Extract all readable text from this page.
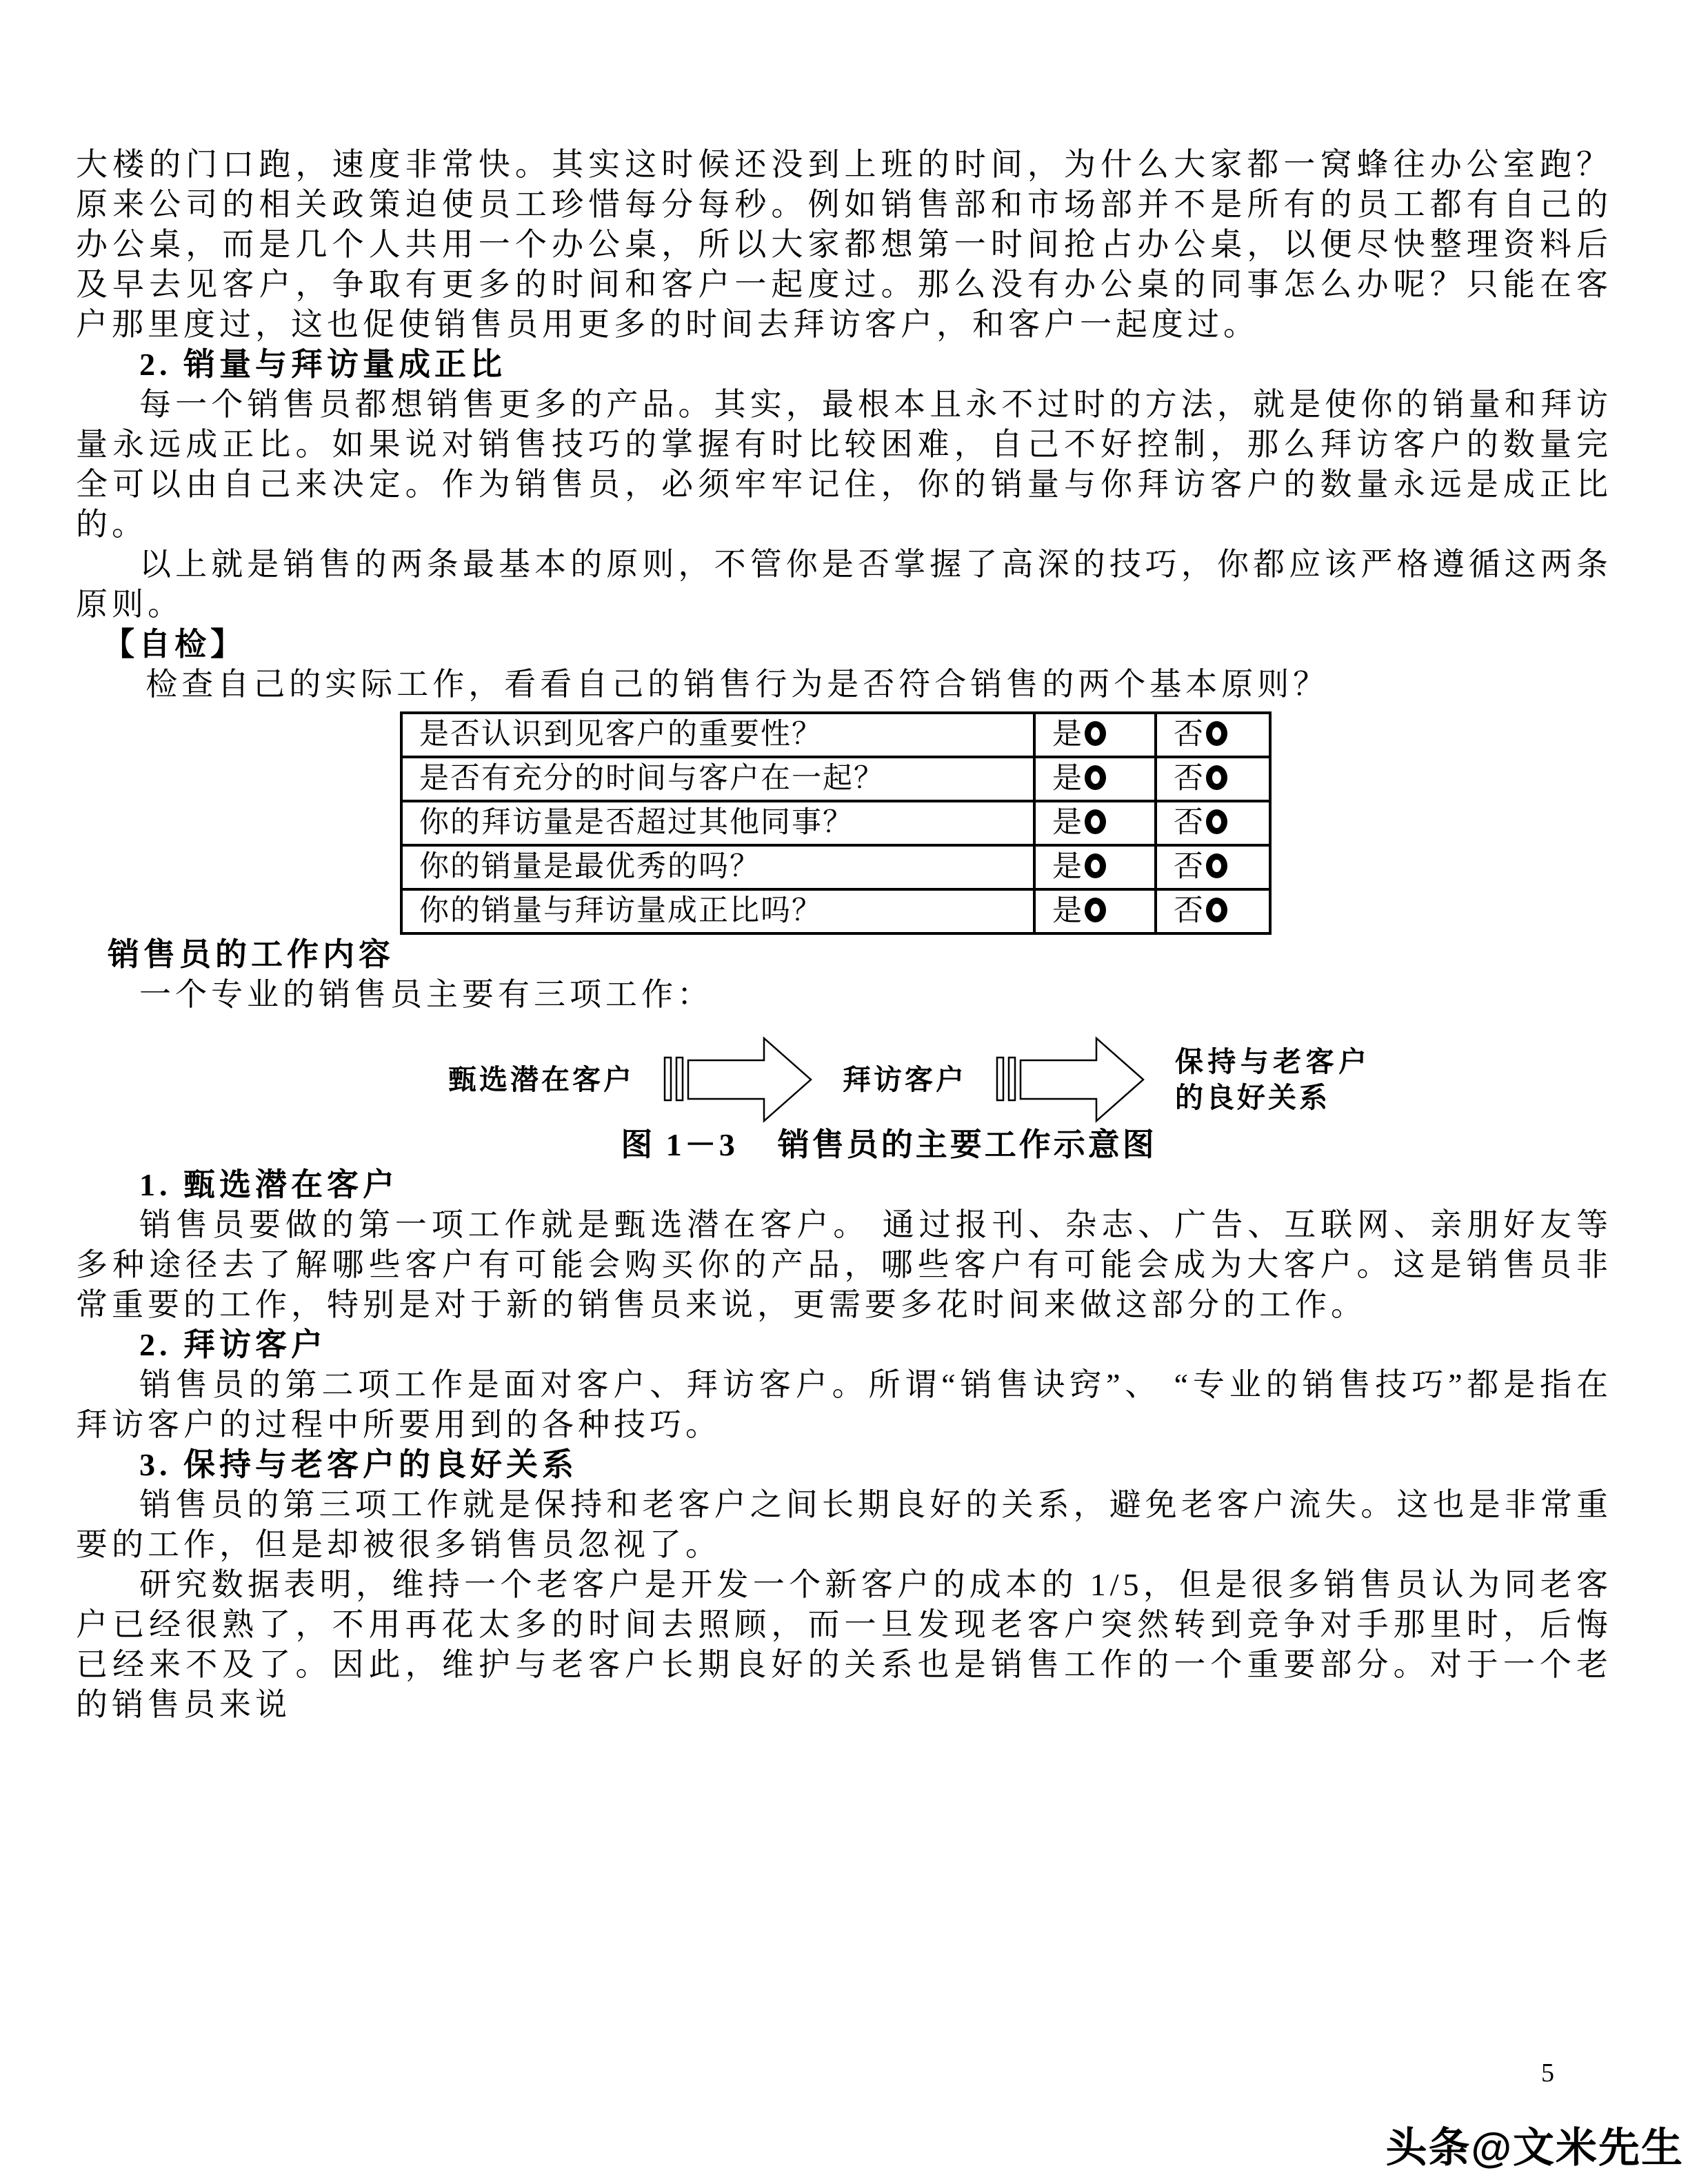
大楼的门口跑，速度非常快。其实这时候还没到上班的时间，为什么大家都一窝蜂往办公室跑？原来公司的相关政策迫使员工珍惜每分每秒。例如销售部和市场部并不是所有的员工都有自己的办公桌，而是几个人共用一个办公桌，所以大家都想第一时间抢占办公桌，以便尽快整理资料后及早去见客户，争取有更多的时间和客户一起度过。那么没有办公桌的同事怎么办呢？只能在客户那里度过，这也促使销售员用更多的时间去拜访客户，和客户一起度过。

2. 销量与拜访量成正比

每一个销售员都想销售更多的产品。其实，最根本且永不过时的方法，就是使你的销量和拜访量永远成正比。如果说对销售技巧的掌握有时比较困难，自己不好控制，那么拜访客户的数量完全可以由自己来决定。作为销售员，必须牢牢记住，你的销量与你拜访客户的数量永远是成正比的。

以上就是销售的两条最基本的原则，不管你是否掌握了高深的技巧，你都应该严格遵循这两条原则。

【自检】

检查自己的实际工作，看看自己的销售行为是否符合销售的两个基本原则？

是否认识到见客户的重要性？	是	否
是否有充分的时间与客户在一起？	是	否
你的拜访量是否超过其他同事？	是	否
你的销量是最优秀的吗？	是	否
你的销量与拜访量成正比吗？	是	否

销售员的工作内容

一个专业的销售员主要有三项工作：

甄选潜在客户	拜访客户
保持与老客户的良好关系

图 1－3 销售员的主要工作示意图

1. 甄选潜在客户

销售员要做的第一项工作就是甄选潜在客户。 通过报刊、杂志、广告、互联网、亲朋好友等多种途径去了解哪些客户有可能会购买你的产品，哪些客户有可能会成为大客户。这是销售员非常重要的工作，特别是对于新的销售员来说，更需要多花时间来做这部分的工作。

2. 拜访客户

销售员的第二项工作是面对客户、拜访客户。所谓“销售诀窍”、 “专业的销售技巧”都是指在拜访客户的过程中所要用到的各种技巧。

3. 保持与老客户的良好关系

销售员的第三项工作就是保持和老客户之间长期良好的关系，避免老客户流失。这也是非常重要的工作，但是却被很多销售员忽视了。

研究数据表明，维持一个老客户是开发一个新客户的成本的 1/5，但是很多销售员认为同老客户已经很熟了，不用再花太多的时间去照顾，而一旦发现老客户突然转到竞争对手那里时，后悔已经来不及了。因此，维护与老客户长期良好的关系也是销售工作的一个重要部分。对于一个老的销售员来说

5
头条@文米先生
